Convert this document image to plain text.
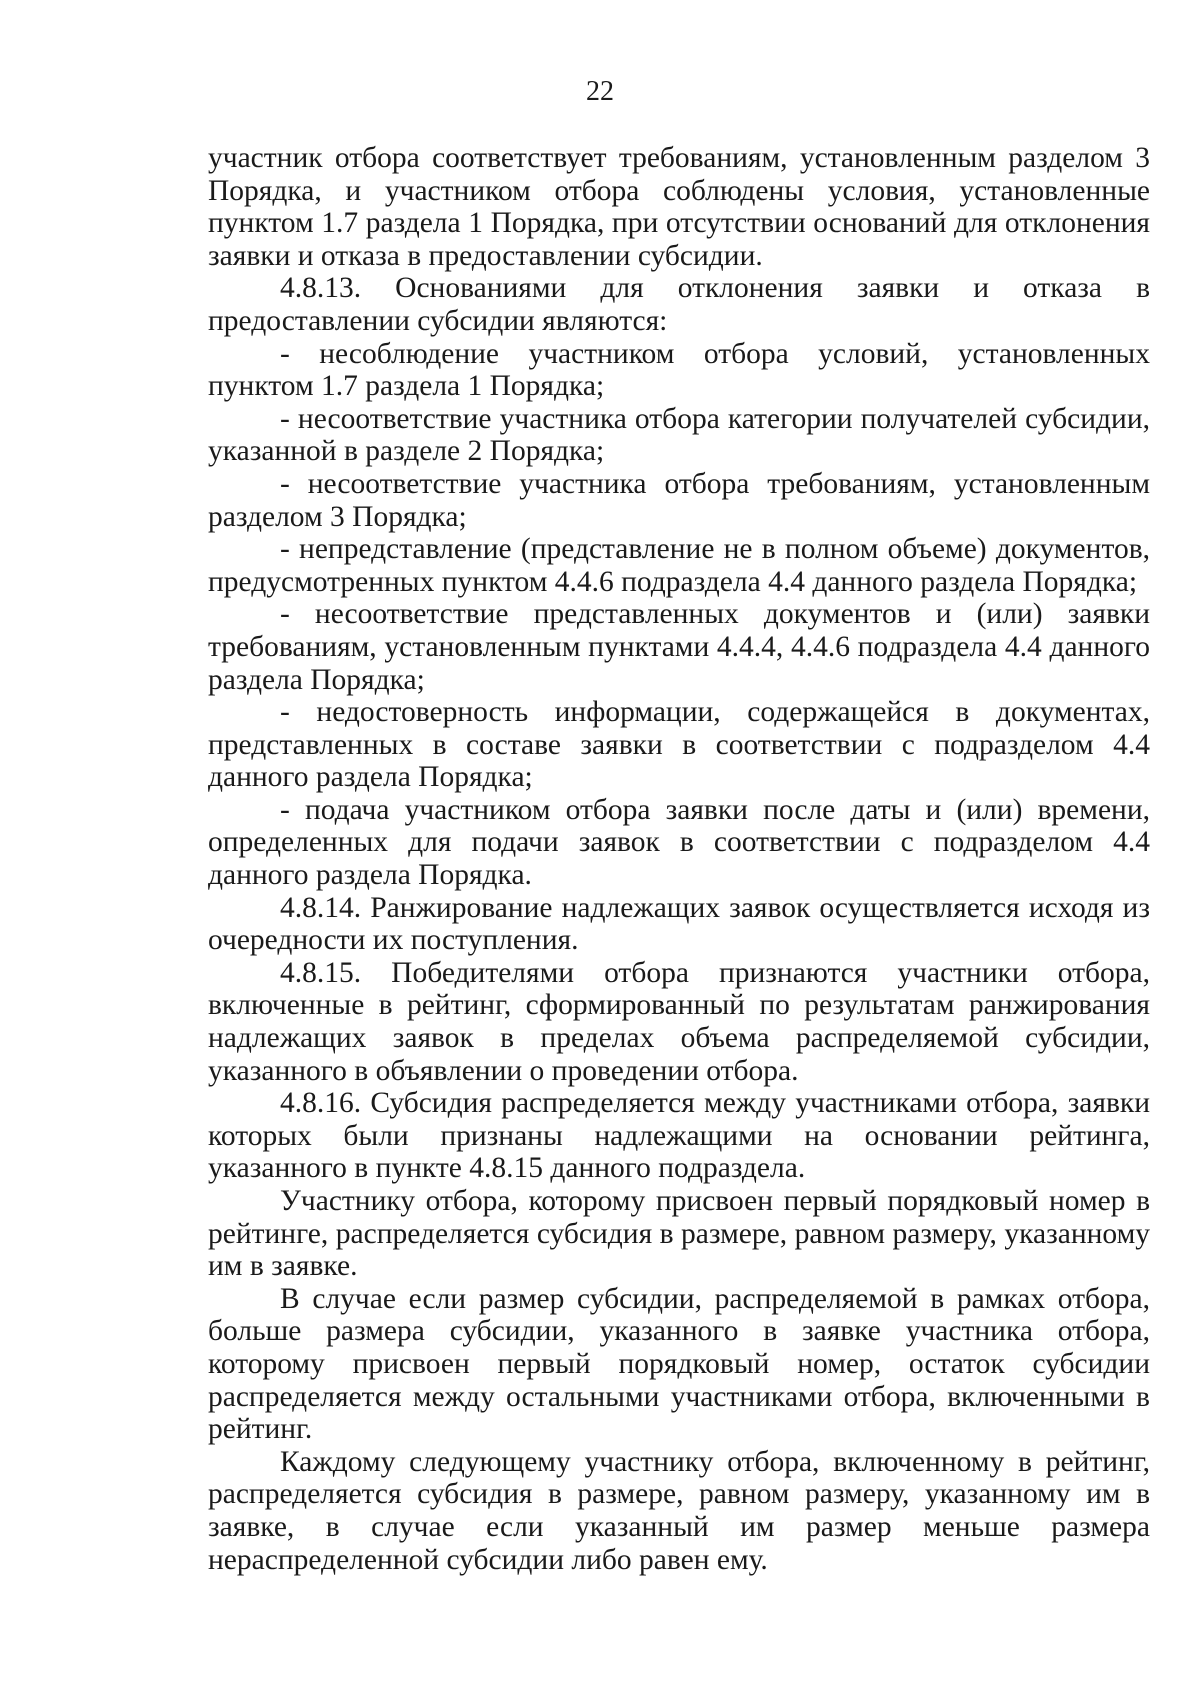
22

участник отбора соответствует требованиям, установленным разделом 3 Порядка, и участником отбора соблюдены условия, установленные пунктом 1.7 раздела 1 Порядка, при отсутствии оснований для отклонения заявки и отказа в предоставлении субсидии.

4.8.13. Основаниями для отклонения заявки и отказа в предоставлении субсидии являются:

- несоблюдение участником отбора условий, установленных пунктом 1.7 раздела 1 Порядка;

- несоответствие участника отбора категории получателей субсидии, указанной в разделе 2 Порядка;

- несоответствие участника отбора требованиям, установленным разделом 3 Порядка;

- непредставление (представление не в полном объеме) документов, предусмотренных пунктом 4.4.6 подраздела 4.4 данного раздела Порядка;

- несоответствие представленных документов и (или) заявки требованиям, установленным пунктами 4.4.4, 4.4.6 подраздела 4.4 данного раздела Порядка;

- недостоверность информации, содержащейся в документах, представленных в составе заявки в соответствии с подразделом 4.4 данного раздела Порядка;

- подача участником отбора заявки после даты и (или) времени, определенных для подачи заявок в соответствии с подразделом 4.4 данного раздела Порядка.

4.8.14. Ранжирование надлежащих заявок осуществляется исходя из очередности их поступления.

4.8.15. Победителями отбора признаются участники отбора, включенные в рейтинг, сформированный по результатам ранжирования надлежащих заявок в пределах объема распределяемой субсидии, указанного в объявлении о проведении отбора.

4.8.16. Субсидия распределяется между участниками отбора, заявки которых были признаны надлежащими на основании рейтинга, указанного в пункте 4.8.15 данного подраздела.

Участнику отбора, которому присвоен первый порядковый номер в рейтинге, распределяется субсидия в размере, равном размеру, указанному им в заявке.

В случае если размер субсидии, распределяемой в рамках отбора, больше размера субсидии, указанного в заявке участника отбора, которому присвоен первый порядковый номер, остаток субсидии распределяется между остальными участниками отбора, включенными в рейтинг.

Каждому следующему участнику отбора, включенному в рейтинг, распределяется субсидия в размере, равном размеру, указанному им в заявке, в случае если указанный им размер меньше размера нераспределенной субсидии либо равен ему.
